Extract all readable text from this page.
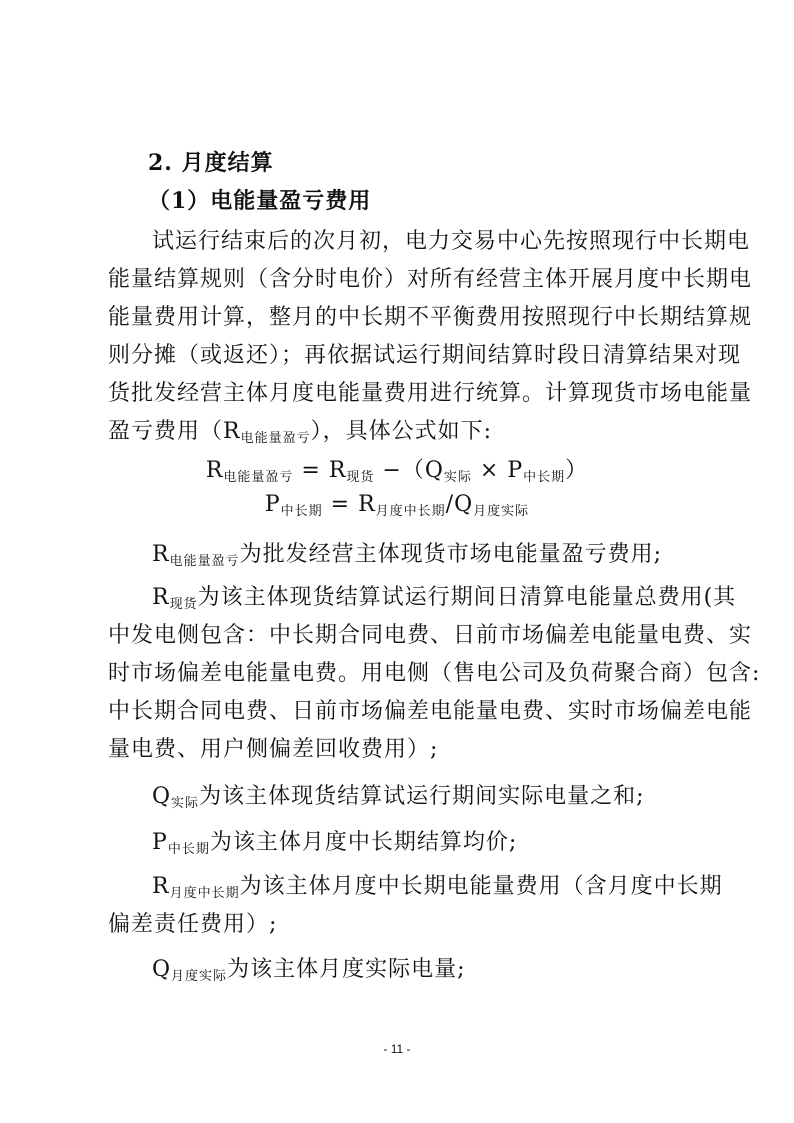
2. 月度结算
（1）电能量盈亏费用
试运行结束后的次月初，电力交易中心先按照现行中长期电
能量结算规则（含分时电价）对所有经营主体开展月度中长期电
能量费用计算，整月的中长期不平衡费用按照现行中长期结算规
则分摊（或返还）；再依据试运行期间结算时段日清算结果对现
货批发经营主体月度电能量费用进行统算。计算现货市场电能量
盈亏费用$(R_{电能量盈亏})$，具体公式如下:
$R_{电能量盈亏} = R_{现货} -(Q_{实际} \times P_{中长期})$
$P_{中长期} = R_{月度中长期}/Q_{月度实际}$
$R_{电能量盈亏}$为批发经营主体现货市场电能量盈亏费用;
$R_{现货}$为该主体现货结算试运行期间日清算电能量总费用(其
中发电侧包含：中长期合同电费、日前市场偏差电能量电费、实
时市场偏差电能量电费。用电侧（售电公司及负荷聚合商）包含:
中长期合同电费、日前市场偏差电能量电费、实时市场偏差电能
量电费、用户侧偏差回收费用）;
$Q_{实际}$为该主体现货结算试运行期间实际电量之和;
$P_{中长期}$为该主体月度中长期结算均价;
$R_{月度中长期}$为该主体月度中长期电能量费用（含月度中长期
偏差责任费用）;
$Q_{月度实际}$为该主体月度实际电量;
- 11 -
